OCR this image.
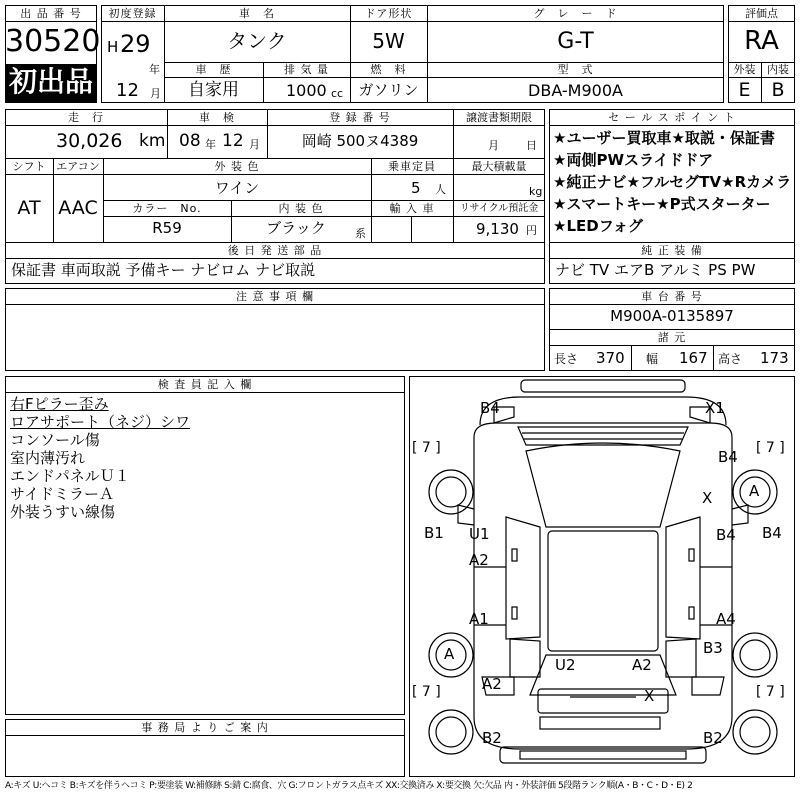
出 品 番 号
30520
初出品
初度登録
H 29
年
12 月
車　名
タンク
ドア形状
5W
グ　レ　ー　ド
G-T
車　歴
自家用
排 気 量
1000 cc
燃　料
ガソリン
型　式
DBA-M900A
評価点
RA
外装	内装
E	B
走　行
30,026 km
車　検
08 年 12 月
登 録 番 号
岡崎 500ヌ4389
譲渡書類期限
月 日
シフト
AT
エアコン
AAC
外 装 色
ワイン
乗車定員
5 人
最大積載量
kg
カラー　No.
R59
内 装 色
ブラック	系
輸 入 車	リサイクル預託金
9,130 円
後 日 発 送 部 品
保証書 車両取説 予備キー ナビロム ナビ取説
セ ー ル ス ポ イ ン ト
★ユーザー買取車★取説・保証書
★両側PWスライドドア
★純正ナビ★フルセグTV★Rカメラ
★スマートキー★P式スターター
★LEDフォグ
純 正 装 備
ナビ TV エアB アルミ PS PW
注 意 事 項 欄	車 台 番 号
M900A-0135897
諸 元
長さ 370 幅 167 高さ 173
検 査 員 記 入 欄
右Fピラー歪み
ロアサポート（ネジ）シワ
コンソール傷
室内薄汚れ
エンドパネルＵ１
サイドミラーＡ
外装うすい線傷
事 務 局 よ り ご 案 内
B4	X1
[ 7 ]	[ 7 ]
B4
A
X
B1 U1
A2
B4 B4
A1	A4
A
U2	A2
B3
[ 7 ]	A2
X	[ 7 ]
B2	B2
A:キズ U:ヘコミ B:キズを伴うヘコミ P:要塗装 W:補修跡 S:錆 C:腐食、穴 G:フロントガラス点キズ XX:交換済み X:要交換 欠:欠品 内・外装評価 5段階ランク順(A・B・C・D・E) 2
